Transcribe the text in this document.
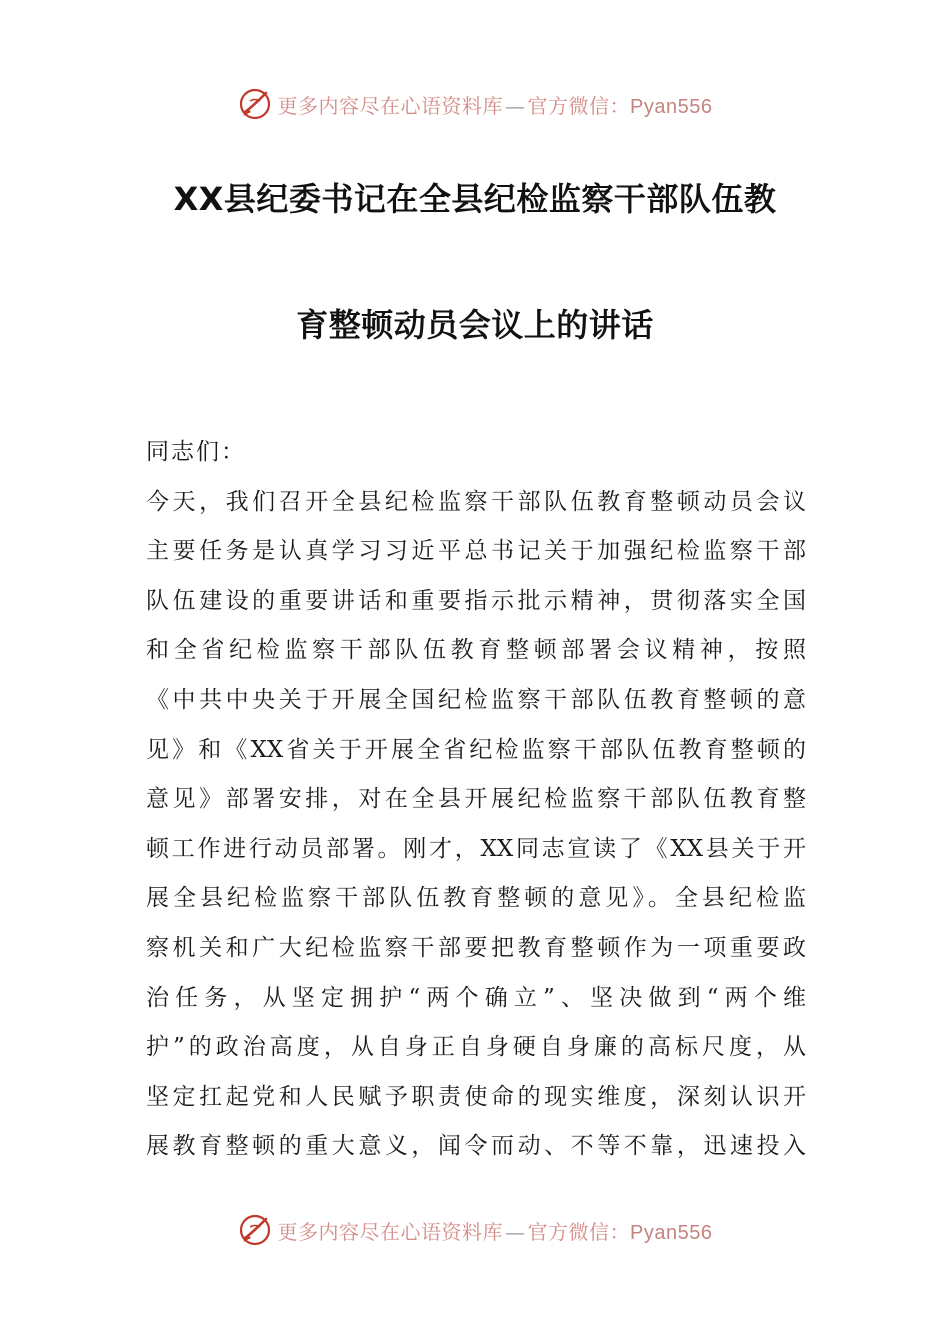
更多内容尽在心语资料库 — 官方微信：Pyan556
XX县纪委书记在全县纪检监察干部队伍教
育整顿动员会议上的讲话
同志们：
今天，我们召开全县纪检监察干部队伍教育整顿动员会议
主要任务是认真学习习近平总书记关于加强纪检监察干部
队伍建设的重要讲话和重要指示批示精神，贯彻落实全国
和全省纪检监察干部队伍教育整顿部署会议精神，按照
《中共中央关于开展全国纪检监察干部队伍教育整顿的意
见》和《XX省关于开展全省纪检监察干部队伍教育整顿的
意见》部署安排，对在全县开展纪检监察干部队伍教育整
顿工作进行动员部署。刚才，XX同志宣读了《XX县关于开
展全县纪检监察干部队伍教育整顿的意见》。全县纪检监
察机关和广大纪检监察干部要把教育整顿作为一项重要政
治任务，从坚定拥护“两个确立”、坚决做到“两个维
护”的政治高度，从自身正自身硬自身廉的高标尺度，从
坚定扛起党和人民赋予职责使命的现实维度，深刻认识开
展教育整顿的重大意义，闻令而动、不等不靠，迅速投入
更多内容尽在心语资料库 — 官方微信：Pyan556
